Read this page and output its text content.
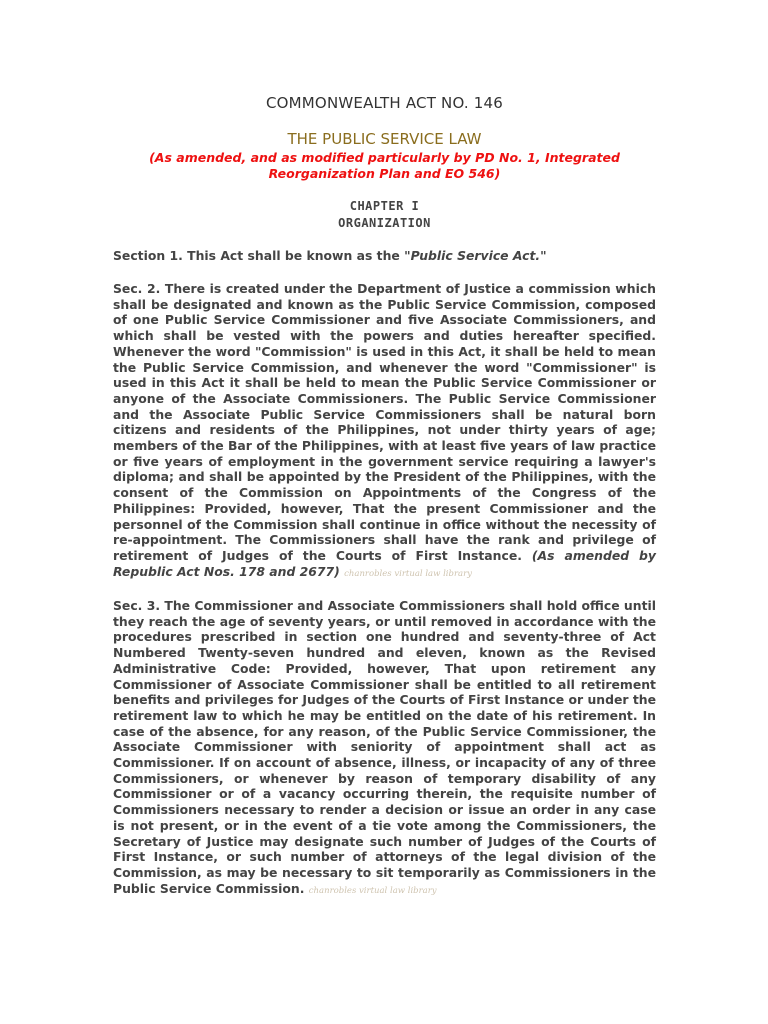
COMMONWEALTH ACT NO. 146
THE PUBLIC SERVICE LAW
(As amended, and as modified particularly by PD No. 1, Integrated Reorganization Plan and EO 546)
CHAPTER I
ORGANIZATION

Section 1. This Act shall be known as the "Public Service Act."

Sec. 2. There is created under the Department of Justice a commission which shall be designated and known as the Public Service Commission, composed of one Public Service Commissioner and five Associate Commissioners, and which shall be vested with the powers and duties hereafter specified. Whenever the word "Commission" is used in this Act, it shall be held to mean the Public Service Commission, and whenever the word "Commissioner" is used in this Act it shall be held to mean the Public Service Commissioner or anyone of the Associate Commissioners. The Public Service Commissioner and the Associate Public Service Commissioners shall be natural born citizens and residents of the Philippines, not under thirty years of age; members of the Bar of the Philippines, with at least five years of law practice or five years of employment in the government service requiring a lawyer's diploma; and shall be appointed by the President of the Philippines, with the consent of the Commission on Appointments of the Congress of the Philippines: Provided, however, That the present Commissioner and the personnel of the Commission shall continue in office without the necessity of re-appointment. The Commissioners shall have the rank and privilege of retirement of Judges of the Courts of First Instance. (As amended by Republic Act Nos. 178 and 2677) chanrobles virtual law library

Sec. 3. The Commissioner and Associate Commissioners shall hold office until they reach the age of seventy years, or until removed in accordance with the procedures prescribed in section one hundred and seventy-three of Act Numbered Twenty-seven hundred and eleven, known as the Revised Administrative Code: Provided, however, That upon retirement any Commissioner of Associate Commissioner shall be entitled to all retirement benefits and privileges for Judges of the Courts of First Instance or under the retirement law to which he may be entitled on the date of his retirement. In case of the absence, for any reason, of the Public Service Commissioner, the Associate Commissioner with seniority of appointment shall act as Commissioner. If on account of absence, illness, or incapacity of any of three Commissioners, or whenever by reason of temporary disability of any Commissioner or of a vacancy occurring therein, the requisite number of Commissioners necessary to render a decision or issue an order in any case is not present, or in the event of a tie vote among the Commissioners, the Secretary of Justice may designate such number of Judges of the Courts of First Instance, or such number of attorneys of the legal division of the Commission, as may be necessary to sit temporarily as Commissioners in the Public Service Commission. chanrobles virtual law library
